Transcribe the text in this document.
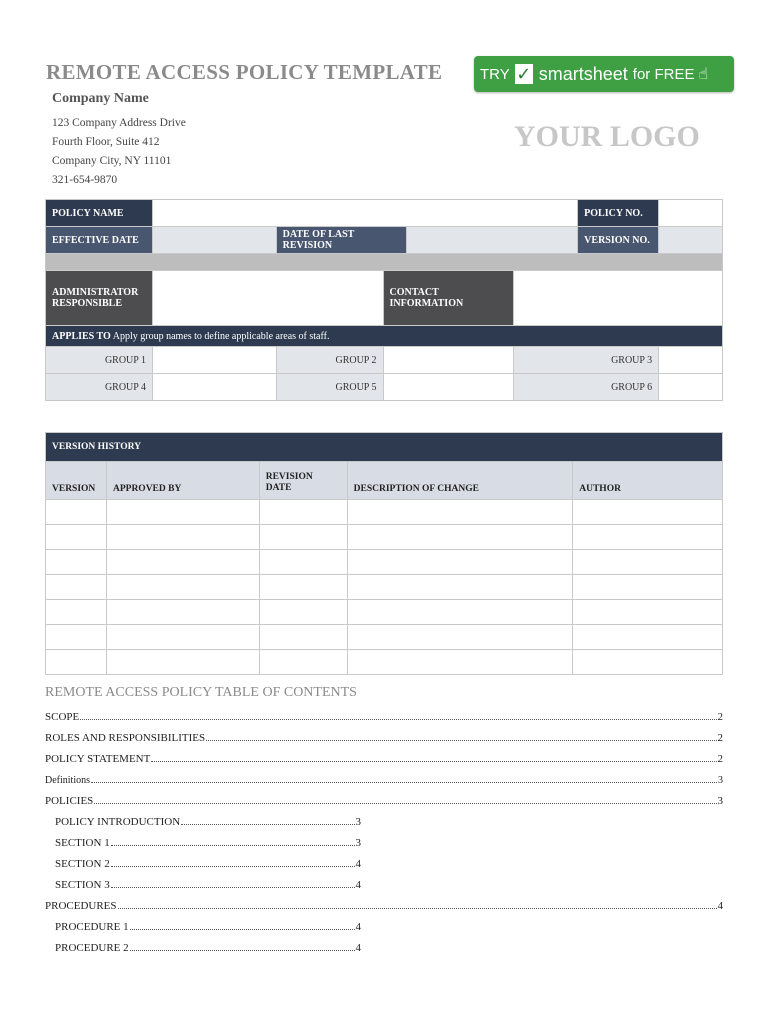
REMOTE ACCESS POLICY TEMPLATE	TRY ✓ smartsheet for FREE ☝
Company Name
123 Company Address Drive
Fourth Floor, Suite 412
Company City, NY 11101
321-654-9870
YOUR LOGO
POLICY NAME						POLICY NO.	
EFFECTIVE DATE		DATE OF LAST REVISION				VERSION NO.	

ADMINISTRATOR RESPONSIBLE			CONTACT INFORMATION				
APPLIES TO Apply group names to define applicable areas of staff.							
GROUP 1		GROUP 2			GROUP 3		
GROUP 4		GROUP 5			GROUP 6		
VERSION HISTORY				
VERSION	APPROVED BY	REVISION DATE	DESCRIPTION OF CHANGE	AUTHOR

REMOTE ACCESS POLICY TABLE OF CONTENTS
SCOPE	2
ROLES AND RESPONSIBILITIES	2
POLICY STATEMENT	2
Definitions	3
POLICIES	3
POLICY INTRODUCTION	3
SECTION 1	3
SECTION 2	4
SECTION 3	4
PROCEDURES	4
PROCEDURE 1	4
PROCEDURE 2	4
